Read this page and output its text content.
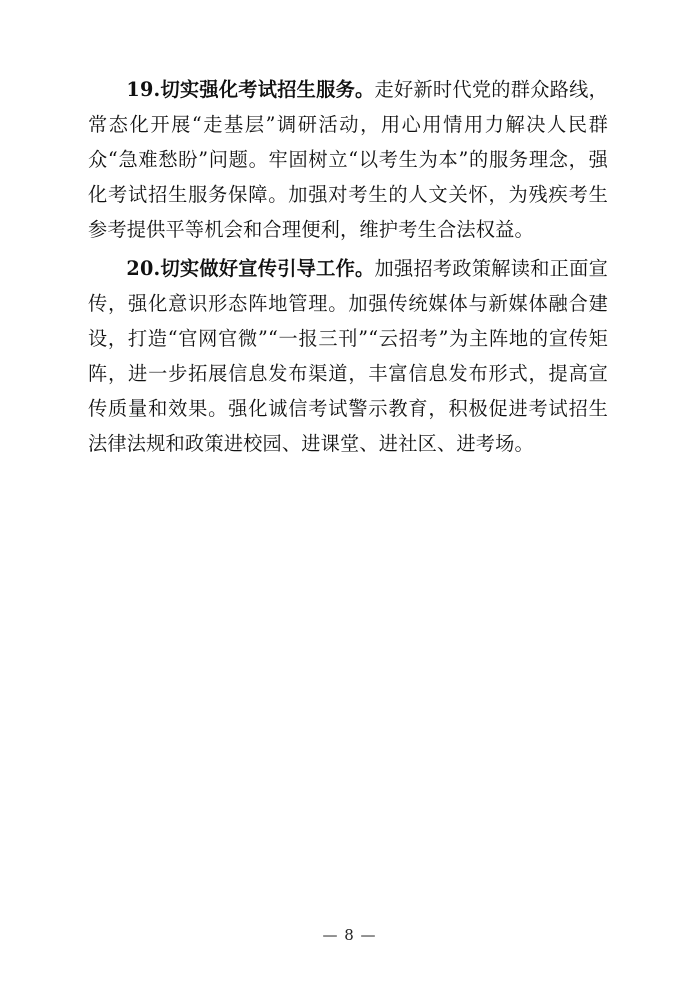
19.切实强化考试招生服务。走好新时代党的群众路线，常态化开展“走基层”调研活动，用心用情用力解决人民群众“急难愁盼”问题。牢固树立“以考生为本”的服务理念，强化考试招生服务保障。加强对考生的人文关怀，为残疾考生参考提供平等机会和合理便利，维护考生合法权益。

20.切实做好宣传引导工作。加强招考政策解读和正面宣传，强化意识形态阵地管理。加强传统媒体与新媒体融合建设，打造“官网官微”“一报三刊”“云招考”为主阵地的宣传矩阵，进一步拓展信息发布渠道，丰富信息发布形式，提高宣传质量和效果。强化诚信考试警示教育，积极促进考试招生法律法规和政策进校园、进课堂、进社区、进考场。

— 8 —
